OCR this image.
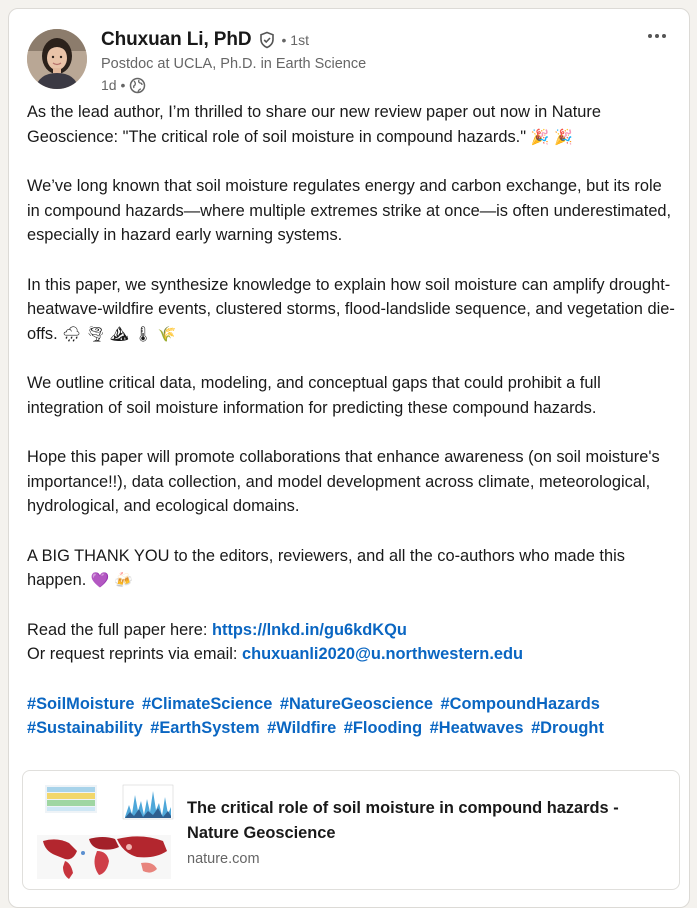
Chuxuan Li, PhD • 1st
Postdoc at UCLA, Ph.D. in Earth Science
1d •

As the lead author, I’m thrilled to share our new review paper out now in Nature Geoscience: "The critical role of soil moisture in compound hazards." 🎉 🎉

We’ve long known that soil moisture regulates energy and carbon exchange, but its role in compound hazards—where multiple extremes strike at once—is often underestimated, especially in hazard early warning systems.

In this paper, we synthesize knowledge to explain how soil moisture can amplify drought-heatwave-wildfire events, clustered storms, flood-landslide sequence, and vegetation die-offs. 🌧 🌪 ⛰ 🌡 🌾

We outline critical data, modeling, and conceptual gaps that could prohibit a full integration of soil moisture information for predicting these compound hazards.

Hope this paper will promote collaborations that enhance awareness (on soil moisture's importance!!), data collection, and model development across climate, meteorological, hydrological, and ecological domains.

A BIG THANK YOU to the editors, reviewers, and all the co-authors who made this happen. 💜 🍻

Read the full paper here: https://lnkd.in/gu6kdKQu
Or request reprints via email: chuxuanli2020@u.northwestern.edu

#SoilMoisture #ClimateScience #NatureGeoscience #CompoundHazards #Sustainability #EarthSystem #Wildfire #Flooding #Heatwaves #Drought

The critical role of soil moisture in compound hazards - Nature Geoscience
nature.com
